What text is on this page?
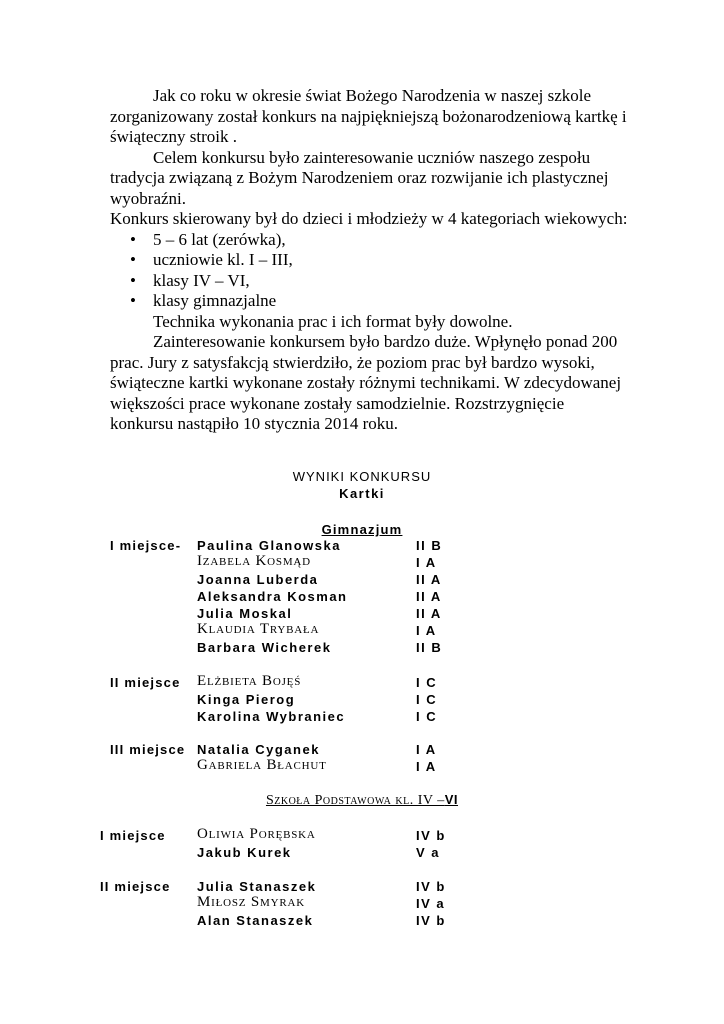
Jak co roku w okresie świat Bożego Narodzenia w naszej szkole zorganizowany został konkurs na najpiękniejszą bożonarodzeniową kartkę i świąteczny stroik .

Celem konkursu było zainteresowanie uczniów naszego zespołu tradycja związaną z Bożym Narodzeniem oraz rozwijanie ich plastycznej wyobraźni.

Konkurs skierowany był do dzieci i młodzieży w 4 kategoriach wiekowych:

• 5 – 6 lat (zerówka),
• uczniowie kl. I – III,
• klasy IV – VI,
• klasy gimnazjalne

Technika wykonania prac i ich format były dowolne.

Zainteresowanie konkursem było bardzo duże. Wpłynęło ponad 200 prac. Jury z satysfakcją stwierdziło, że poziom prac był bardzo wysoki, świąteczne kartki wykonane zostały różnymi technikami. W zdecydowanej większości prace wykonane zostały samodzielnie. Rozstrzygnięcie konkursu nastąpiło 10 stycznia 2014 roku.

WYNIKI KONKURSU
Kartki
Gimnazjum
I miejsce- Paulina Glanowska	II B
Izabela Kosmąd	I A
Joanna Luberda	II A
Aleksandra Kosman	II A
Julia Moskal	II A
Klaudia Trybała	I A
Barbara Wicherek	II B
II miejsce Elżbieta Bojęś	I C
Kinga Pierog	I C
Karolina Wybraniec	I C
III miejsce Natalia Cyganek	I A
Gabriela Błachut	I A
Szkoła Podstawowa kl. IV –VI
I miejsce Oliwia Porębska	IV b
Jakub Kurek	V a
II miejsce Julia Stanaszek	IV b
Miłosz Smyrak	IV a
Alan Stanaszek	IV b
